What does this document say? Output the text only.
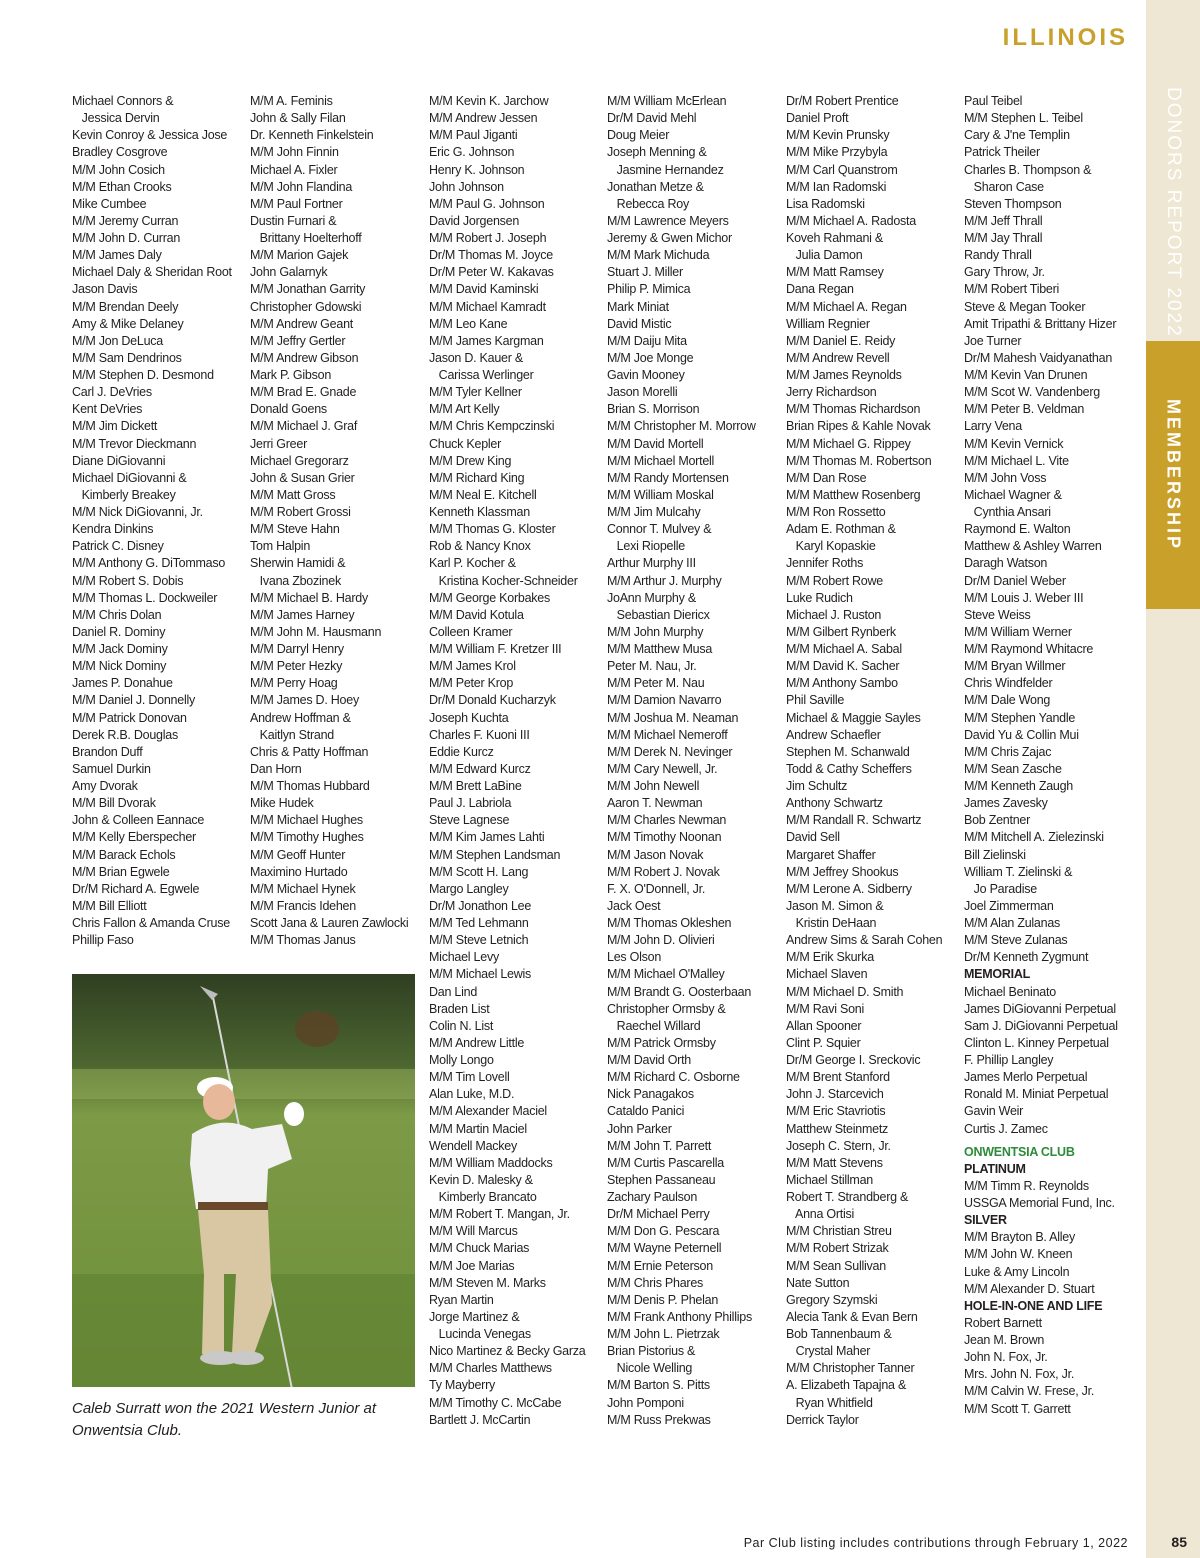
DONORS REPORT 2022
MEMBERSHIP
ILLINOIS
Michael Connors &
Jessica Dervin
Kevin Conroy & Jessica Jose
Bradley Cosgrove
M/M John Cosich
M/M Ethan Crooks
Mike Cumbee
M/M Jeremy Curran
M/M John D. Curran
M/M James Daly
Michael Daly & Sheridan Root
Jason Davis
M/M Brendan Deely
Amy & Mike Delaney
M/M Jon DeLuca
M/M Sam Dendrinos
M/M Stephen D. Desmond
Carl J. DeVries
Kent DeVries
M/M Jim Dickett
M/M Trevor Dieckmann
Diane DiGiovanni
Michael DiGiovanni &
Kimberly Breakey
M/M Nick DiGiovanni, Jr.
Kendra Dinkins
Patrick C. Disney
M/M Anthony G. DiTommaso
M/M Robert S. Dobis
M/M Thomas L. Dockweiler
M/M Chris Dolan
Daniel R. Dominy
M/M Jack Dominy
M/M Nick Dominy
James P. Donahue
M/M Daniel J. Donnelly
M/M Patrick Donovan
Derek R.B. Douglas
Brandon Duff
Samuel Durkin
Amy Dvorak
M/M Bill Dvorak
John & Colleen Eannace
M/M Kelly Eberspecher
M/M Barack Echols
M/M Brian Egwele
Dr/M Richard A. Egwele
M/M Bill Elliott
Chris Fallon & Amanda Cruse
Phillip Faso
M/M A. Feminis
John & Sally Filan
Dr. Kenneth Finkelstein
M/M John Finnin
Michael A. Fixler
M/M John Flandina
M/M Paul Fortner
Dustin Furnari &
Brittany Hoelterhoff
M/M Marion Gajek
John Galarnyk
M/M Jonathan Garrity
Christopher Gdowski
M/M Andrew Geant
M/M Jeffry Gertler
M/M Andrew Gibson
Mark P. Gibson
M/M Brad E. Gnade
Donald Goens
M/M Michael J. Graf
Jerri Greer
Michael Gregorarz
John & Susan Grier
M/M Matt Gross
M/M Robert Grossi
M/M Steve Hahn
Tom Halpin
Sherwin Hamidi &
Ivana Zbozinek
M/M Michael B. Hardy
M/M James Harney
M/M John M. Hausmann
M/M Darryl Henry
M/M Peter Hezky
M/M Perry Hoag
M/M James D. Hoey
Andrew Hoffman &
Kaitlyn Strand
Chris & Patty Hoffman
Dan Horn
M/M Thomas Hubbard
Mike Hudek
M/M Michael Hughes
M/M Timothy Hughes
M/M Geoff Hunter
Maximino Hurtado
M/M Michael Hynek
M/M Francis Idehen
Scott Jana & Lauren Zawlocki
M/M Thomas Janus
M/M Kevin K. Jarchow
M/M Andrew Jessen
M/M Paul Jiganti
Eric G. Johnson
Henry K. Johnson
John Johnson
M/M Paul G. Johnson
David Jorgensen
M/M Robert J. Joseph
Dr/M Thomas M. Joyce
Dr/M Peter W. Kakavas
M/M David Kaminski
M/M Michael Kamradt
M/M Leo Kane
M/M James Kargman
Jason D. Kauer &
Carissa Werlinger
M/M Tyler Kellner
M/M Art Kelly
M/M Chris Kempczinski
Chuck Kepler
M/M Drew King
M/M Richard King
M/M Neal E. Kitchell
Kenneth Klassman
M/M Thomas G. Kloster
Rob & Nancy Knox
Karl P. Kocher &
Kristina Kocher-Schneider
M/M George Korbakes
M/M David Kotula
Colleen Kramer
M/M William F. Kretzer III
M/M James Krol
M/M Peter Krop
Dr/M Donald Kucharzyk
Joseph Kuchta
Charles F. Kuoni III
Eddie Kurcz
M/M Edward Kurcz
M/M Brett LaBine
Paul J. Labriola
Steve Lagnese
M/M Kim James Lahti
M/M Stephen Landsman
M/M Scott H. Lang
Margo Langley
Dr/M Jonathon Lee
M/M Ted Lehmann
M/M Steve Letnich
Michael Levy
M/M Michael Lewis
Dan Lind
Braden List
Colin N. List
M/M Andrew Little
Molly Longo
M/M Tim Lovell
Alan Luke, M.D.
M/M Alexander Maciel
M/M Martin Maciel
Wendell Mackey
M/M William Maddocks
Kevin D. Malesky &
Kimberly Brancato
M/M Robert T. Mangan, Jr.
M/M Will Marcus
M/M Chuck Marias
M/M Joe Marias
M/M Steven M. Marks
Ryan Martin
Jorge Martinez &
Lucinda Venegas
Nico Martinez & Becky Garza
M/M Charles Matthews
Ty Mayberry
M/M Timothy C. McCabe
Bartlett J. McCartin
M/M William McErlean
Dr/M David Mehl
Doug Meier
Joseph Menning &
Jasmine Hernandez
Jonathan Metze &
Rebecca Roy
M/M Lawrence Meyers
Jeremy & Gwen Michor
M/M Mark Michuda
Stuart J. Miller
Philip P. Mimica
Mark Miniat
David Mistic
M/M Daiju Mita
M/M Joe Monge
Gavin Mooney
Jason Morelli
Brian S. Morrison
M/M Christopher M. Morrow
M/M David Mortell
M/M Michael Mortell
M/M Randy Mortensen
M/M William Moskal
M/M Jim Mulcahy
Connor T. Mulvey &
Lexi Riopelle
Arthur Murphy III
M/M Arthur J. Murphy
JoAnn Murphy &
Sebastian Diericx
M/M John Murphy
M/M Matthew Musa
Peter M. Nau, Jr.
M/M Peter M. Nau
M/M Damion Navarro
M/M Joshua M. Neaman
M/M Michael Nemeroff
M/M Derek N. Nevinger
M/M Cary Newell, Jr.
M/M John Newell
Aaron T. Newman
M/M Charles Newman
M/M Timothy Noonan
M/M Jason Novak
M/M Robert J. Novak
F. X. O'Donnell, Jr.
Jack Oest
M/M Thomas Okleshen
M/M John D. Olivieri
Les Olson
M/M Michael O'Malley
M/M Brandt G. Oosterbaan
Christopher Ormsby &
Raechel Willard
M/M Patrick Ormsby
M/M David Orth
M/M Richard C. Osborne
Nick Panagakos
Cataldo Panici
John Parker
M/M John T. Parrett
M/M Curtis Pascarella
Stephen Passaneau
Zachary Paulson
Dr/M Michael Perry
M/M Don G. Pescara
M/M Wayne Peternell
M/M Ernie Peterson
M/M Chris Phares
M/M Denis P. Phelan
M/M Frank Anthony Phillips
M/M John L. Pietrzak
Brian Pistorius &
Nicole Welling
M/M Barton S. Pitts
John Pomponi
M/M Russ Prekwas
Dr/M Robert Prentice
Daniel Proft
M/M Kevin Prunsky
M/M Mike Przybyla
M/M Carl Quanstrom
M/M Ian Radomski
Lisa Radomski
M/M Michael A. Radosta
Koveh Rahmani &
Julia Damon
M/M Matt Ramsey
Dana Regan
M/M Michael A. Regan
William Regnier
M/M Daniel E. Reidy
M/M Andrew Revell
M/M James Reynolds
Jerry Richardson
M/M Thomas Richardson
Brian Ripes & Kahle Novak
M/M Michael G. Rippey
M/M Thomas M. Robertson
M/M Dan Rose
M/M Matthew Rosenberg
M/M Ron Rossetto
Adam E. Rothman &
Karyl Kopaskie
Jennifer Roths
M/M Robert Rowe
Luke Rudich
Michael J. Ruston
M/M Gilbert Rynberk
M/M Michael A. Sabal
M/M David K. Sacher
M/M Anthony Sambo
Phil Saville
Michael & Maggie Sayles
Andrew Schaefler
Stephen M. Schanwald
Todd & Cathy Scheffers
Jim Schultz
Anthony Schwartz
M/M Randall R. Schwartz
David Sell
Margaret Shaffer
M/M Jeffrey Shookus
M/M Lerone A. Sidberry
Jason M. Simon &
Kristin DeHaan
Andrew Sims & Sarah Cohen
M/M Erik Skurka
Michael Slaven
M/M Michael D. Smith
M/M Ravi Soni
Allan Spooner
Clint P. Squier
Dr/M George I. Sreckovic
M/M Brent Stanford
John J. Starcevich
M/M Eric Stavriotis
Matthew Steinmetz
Joseph C. Stern, Jr.
M/M Matt Stevens
Michael Stillman
Robert T. Strandberg &
Anna Ortisi
M/M Christian Streu
M/M Robert Strizak
M/M Sean Sullivan
Nate Sutton
Gregory Szymski
Alecia Tank & Evan Bern
Bob Tannenbaum &
Crystal Maher
M/M Christopher Tanner
A. Elizabeth Tapajna &
Ryan Whitfield
Derrick Taylor
Paul Teibel
M/M Stephen L. Teibel
Cary & J'ne Templin
Patrick Theiler
Charles B. Thompson &
Sharon Case
Steven Thompson
M/M Jeff Thrall
M/M Jay Thrall
Randy Thrall
Gary Throw, Jr.
M/M Robert Tiberi
Steve & Megan Tooker
Amit Tripathi & Brittany Hizer
Joe Turner
Dr/M Mahesh Vaidyanathan
M/M Kevin Van Drunen
M/M Scot W. Vandenberg
M/M Peter B. Veldman
Larry Vena
M/M Kevin Vernick
M/M Michael L. Vite
M/M John Voss
Michael Wagner &
Cynthia Ansari
Raymond E. Walton
Matthew & Ashley Warren
Daragh Watson
Dr/M Daniel Weber
M/M Louis J. Weber III
Steve Weiss
M/M William Werner
M/M Raymond Whitacre
M/M Bryan Willmer
Chris Windfelder
M/M Dale Wong
M/M Stephen Yandle
David Yu & Collin Mui
M/M Chris Zajac
M/M Sean Zasche
M/M Kenneth Zaugh
James Zavesky
Bob Zentner
M/M Mitchell A. Zielezinski
Bill Zielinski
William T. Zielinski &
Jo Paradise
Joel Zimmerman
M/M Alan Zulanas
M/M Steve Zulanas
Dr/M Kenneth Zygmunt
MEMORIAL
Michael Beninato
James DiGiovanni Perpetual
Sam J. DiGiovanni Perpetual
Clinton L. Kinney Perpetual
F. Phillip Langley
James Merlo Perpetual
Ronald M. Miniat Perpetual
Gavin Weir
Curtis J. Zamec
ONWENTSIA CLUB
PLATINUM
M/M Timm R. Reynolds
USSGA Memorial Fund, Inc.
SILVER
M/M Brayton B. Alley
M/M John W. Kneen
Luke & Amy Lincoln
M/M Alexander D. Stuart
HOLE-IN-ONE AND LIFE
Robert Barnett
Jean M. Brown
John N. Fox, Jr.
Mrs. John N. Fox, Jr.
M/M Calvin W. Frese, Jr.
M/M Scott T. Garrett
Caleb Surratt won the 2021 Western Junior at Onwentsia Club.
Par Club listing includes contributions through February 1, 2022	85
